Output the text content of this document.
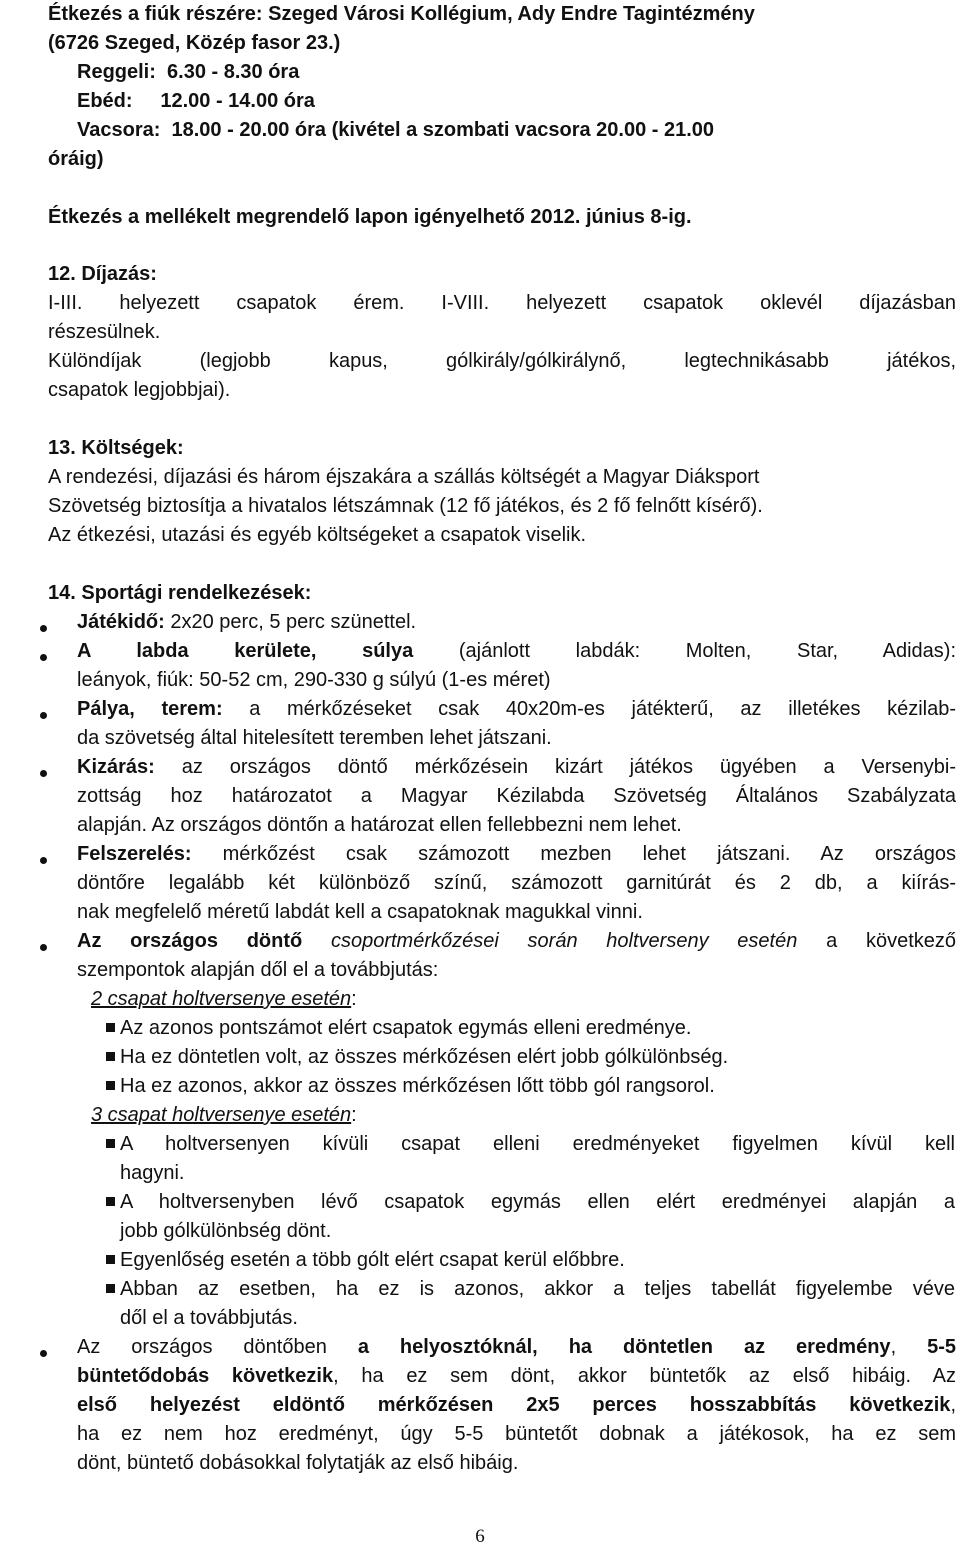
Étkezés a fiúk részére: Szeged Városi Kollégium, Ady Endre Tagintézmény
(6726 Szeged, Közép fasor 23.)
Reggeli:  6.30 - 8.30 óra
Ebéd:     12.00 - 14.00 óra
Vacsora:  18.00 - 20.00 óra (kivétel a szombati vacsora 20.00 - 21.00
óráig)
Étkezés a mellékelt megrendelő lapon igényelhető 2012. június 8-ig.
12. Díjazás:
I-III. helyezett csapatok érem. I-VIII. helyezett csapatok oklevél díjazásban
részesülnek.
Különdíjak (legjobb kapus, gólkirály/gólkirálynő, legtechnikásabb játékos,
csapatok legjobbjai).
13. Költségek:
A rendezési, díjazási és három éjszakára a szállás költségét a Magyar Diáksport
Szövetség biztosítja a hivatalos létszámnak (12 fő játékos, és 2 fő felnőtt kísérő).
Az étkezési, utazási és egyéb költségeket a csapatok viselik.
14. Sportági rendelkezések:
Játékidő: 2x20 perc, 5 perc szünettel.
A labda kerülete, súlya (ajánlott labdák: Molten, Star, Adidas):
leányok, fiúk: 50-52 cm, 290-330 g súlyú (1-es méret)
Pálya, terem: a mérkőzéseket csak 40x20m-es játékterű, az illetékes kézilab-
da szövetség által hitelesített teremben lehet játszani.
Kizárás: az országos döntő mérkőzésein kizárt játékos ügyében a Versenybi-
zottság hoz határozatot a Magyar Kézilabda Szövetség Általános Szabályzata
alapján. Az országos döntőn a határozat ellen fellebbezni nem lehet.
Felszerelés: mérkőzést csak számozott mezben lehet játszani. Az országos
döntőre legalább két különböző színű, számozott garnitúrát és 2 db, a kiírás-
nak megfelelő méretű labdát kell a csapatoknak magukkal vinni.
Az országos döntő csoportmérkőzései során holtverseny esetén a következő
szempontok alapján dől el a továbbjutás:
2 csapat holtversenye esetén:
Az azonos pontszámot elért csapatok egymás elleni eredménye.
Ha ez döntetlen volt, az összes mérkőzésen elért jobb gólkülönbség.
Ha ez azonos, akkor az összes mérkőzésen lőtt több gól rangsorol.
3 csapat holtversenye esetén:
A holtversenyen kívüli csapat elleni eredményeket figyelmen kívül kell
hagyni.
A holtversenyben lévő csapatok egymás ellen elért eredményei alapján a
jobb gólkülönbség dönt.
Egyenlőség esetén a több gólt elért csapat kerül előbbre.
Abban az esetben, ha ez is azonos, akkor a teljes tabellát figyelembe véve
dől el a továbbjutás.
Az országos döntőben a helyosztóknál, ha döntetlen az eredmény, 5-5
büntetődobás következik, ha ez sem dönt, akkor büntetők az első hibáig. Az
első helyezést eldöntő mérkőzésen 2x5 perces hosszabbítás következik,
ha ez nem hoz eredményt, úgy 5-5 büntetőt dobnak a játékosok, ha ez sem
dönt, büntető dobásokkal folytatják az első hibáig.
6
